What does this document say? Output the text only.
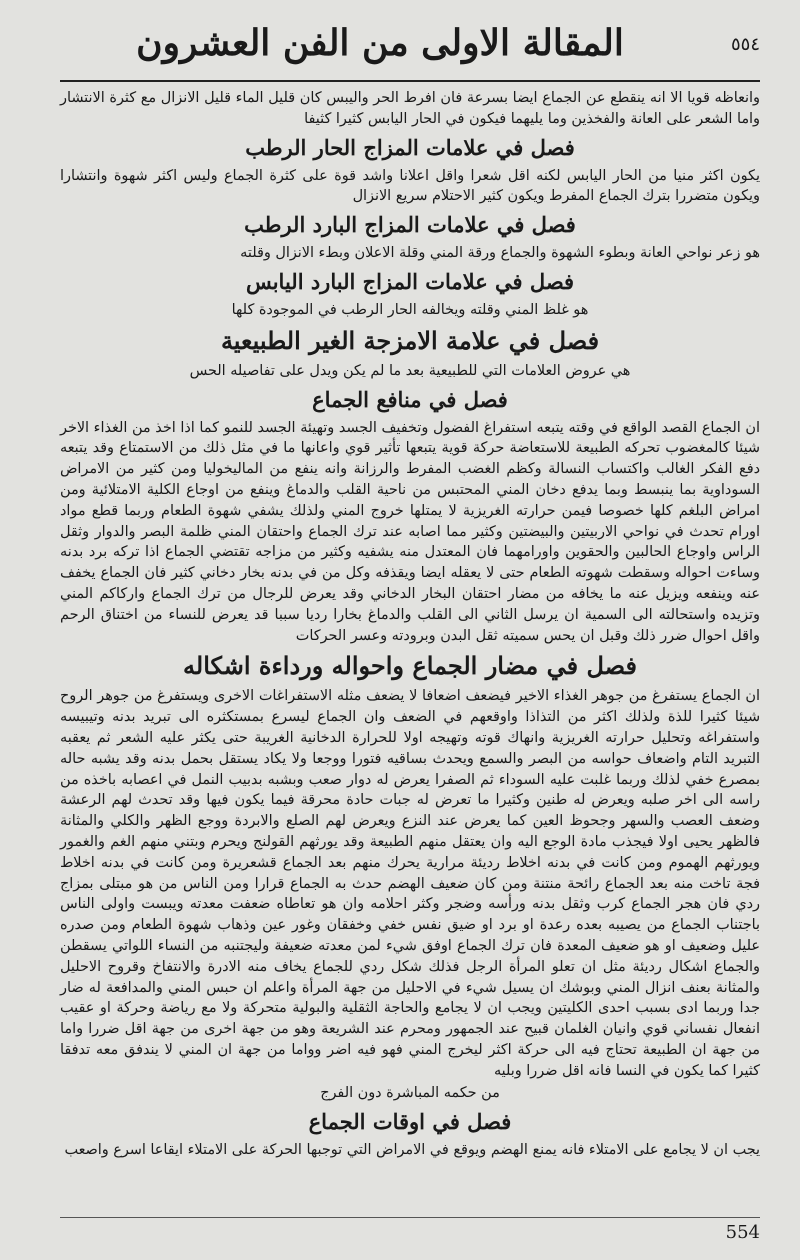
المقالة الاولى من الفن العشرون	٥٥٤

وانعاظه قويا الا انه ينقطع عن الجماع ايضا بسرعة فان افرط الحر واليبس كان قليل الماء قليل الانزال مع كثرة الانتشار واما الشعر على العانة والفخذين وما يليهما فيكون في الحار اليابس كثيرا كثيفا

فصل في علامات المزاج الحار الرطب

يكون اكثر منيا من الحار اليابس لكنه اقل شعرا واقل اعلانا واشد قوة على كثرة الجماع وليس اكثر شهوة وانتشارا ويكون متضررا بترك الجماع المفرط ويكون كثير الاحتلام سريع الانزال

فصل في علامات المزاج البارد الرطب

هو زعر نواحي العانة وبطوء الشهوة والجماع ورقة المني وقلة الاعلان وبطء الانزال وقلته

فصل في علامات المزاج البارد اليابس

هو غلظ المني وقلته ويخالفه الحار الرطب في الموجودة كلها

فصل في علامة الامزجة الغير الطبيعية

هي عروض العلامات التي للطبيعية بعد ما لم يكن ويدل على تفاصيله الحس

فصل في منافع الجماع

ان الجماع القصد الواقع في وقته يتبعه استفراغ الفضول وتخفيف الجسد وتهيئة الجسد للنمو كما اذا اخذ من الغذاء الاخر شيئا كالمغضوب تحركه الطبيعة للاستعاضة حركة قوية يتبعها تأثير قوي واعانها ما في مثل ذلك من الاستمتاع وقد يتبعه دفع الفكر الغالب واكتساب النسالة وكظم الغضب المفرط والرزانة وانه ينفع من الماليخوليا ومن كثير من الامراض السوداوية بما ينبسط وبما يدفع دخان المني المحتبس من ناحية القلب والدماغ وينفع من اوجاع الكلية الامتلائية ومن امراض البلغم كلها خصوصا فيمن حرارته الغريزية لا يمتلها خروج المني ولذلك يشفي شهوة الطعام وربما قطع مواد اورام تحدث في نواحي الاربيتين والبيضتين وكثير مما اصابه عند ترك الجماع واحتقان المني ظلمة البصر والدوار وثقل الراس واوجاع الحالبين والحقوين واورامهما فان المعتدل منه يشفيه وكثير من مزاجه تقتضي الجماع اذا تركه برد بدنه وساءت احواله وسقطت شهوته الطعام حتى لا يعقله ايضا ويقذفه وكل من في بدنه بخار دخاني كثير فان الجماع يخفف عنه وينفعه ويزيل عنه ما يخافه من مضار احتقان البخار الدخاني وقد يعرض للرجال من ترك الجماع واركاكم المني وتزيده واستحالته الى السمية ان يرسل الثاني الى القلب والدماغ بخارا رديا سببا قد يعرض للنساء من اختناق الرحم واقل احوال ضرر ذلك وقبل ان يحس سميته ثقل البدن وبرودته وعسر الحركات

فصل في مضار الجماع واحواله ورداءة اشكاله

ان الجماع يستفرغ من جوهر الغذاء الاخير فيضعف اضعافا لا يضعف مثله الاستفراغات الاخرى ويستفرغ من جوهر الروح شيئا كثيرا للذة ولذلك اكثر من التذاذا واوقعهم في الضعف وان الجماع ليسرع بمستكثره الى تبريد بدنه وتيبيسه واستفراغه وتحليل حرارته الغريزية وانهاك قوته وتهيجه اولا للحرارة الدخانية الغريبة حتى يكثر عليه الشعر ثم يعقبه التبريد التام واضعاف حواسه من البصر والسمع ويحدث بساقيه فتورا ووجعا ولا يكاد يستقل بحمل بدنه وقد يشبه حاله بمصرع خفي لذلك وربما غلبت عليه السوداء ثم الصفرا يعرض له دوار صعب وبشبه بدبيب النمل في اعصابه باخذه من راسه الى اخر صلبه ويعرض له طنين وكثيرا ما تعرض له جبات حادة محرقة فيما يكون فيها وقد تحدث لهم الرعشة وضعف العصب والسهر وجحوظ العين كما يعرض عند النزع ويعرض لهم الصلع والابردة ووجع الظهر والكلي والمثانة فالظهر يحيى اولا فيجذب مادة الوجع اليه وان يعتقل منهم الطبيعة وقد يورثهم القولنج ويحرم وبتني منهم الغم والغمور ويورثهم الهموم ومن كانت في بدنه اخلاط رديئة مرارية يحرك منهم بعد الجماع قشعريرة ومن كانت في بدنه اخلاط فجة تاخت منه بعد الجماع رائحة منتنة ومن كان ضعيف الهضم حدث به الجماع قرارا ومن الناس من هو مبتلى بمزاج ردي فان هجر الجماع كرب وثقل بدنه ورأسه وضجر وكثر احلامه وان هو تعاطاه ضعفت معدته ويبست واولى الناس باجتناب الجماع من يصيبه بعده رعدة او برد او ضيق نفس خفي وخفقان وغور عين وذهاب شهوة الطعام ومن صدره عليل وضعيف او هو ضعيف المعدة فان ترك الجماع اوفق شيء لمن معدته ضعيفة وليجتنبه من النساء اللواتي يسقطن والجماع اشكال رديئة مثل ان تعلو المرأة الرجل فذلك شكل ردي للجماع يخاف منه الادرة والانتفاخ وقروح الاحليل والمثانة بعنف انزال المني وبوشك ان يسيل شيء في الاحليل من جهة المرأة واعلم ان حبس المني والمدافعة له ضار جدا وربما ادى بسبب احدى الكليتين ويجب ان لا يجامع والحاجة الثقلية والبولية متحركة ولا مع رياضة وحركة او عقيب انفعال نفساني قوي وانيان الغلمان قبيح عند الجمهور ومحرم عند الشريعة وهو من جهة اخرى من جهة اقل ضررا واما من جهة ان الطبيعة تحتاج فيه الى حركة اكثر ليخرج المني فهو فيه اضر وواما من جهة ان المني لا يندفق معه تدفقا كثيرا كما يكون في النسا فانه اقل ضررا وبليه

من حكمه المباشرة دون الفرج

فصل في اوقات الجماع

يجب ان لا يجامع على الامتلاء فانه يمنع الهضم ويوقع في الامراض التي توجبها الحركة على الامتلاء ايقاعا اسرع واصعب

554
